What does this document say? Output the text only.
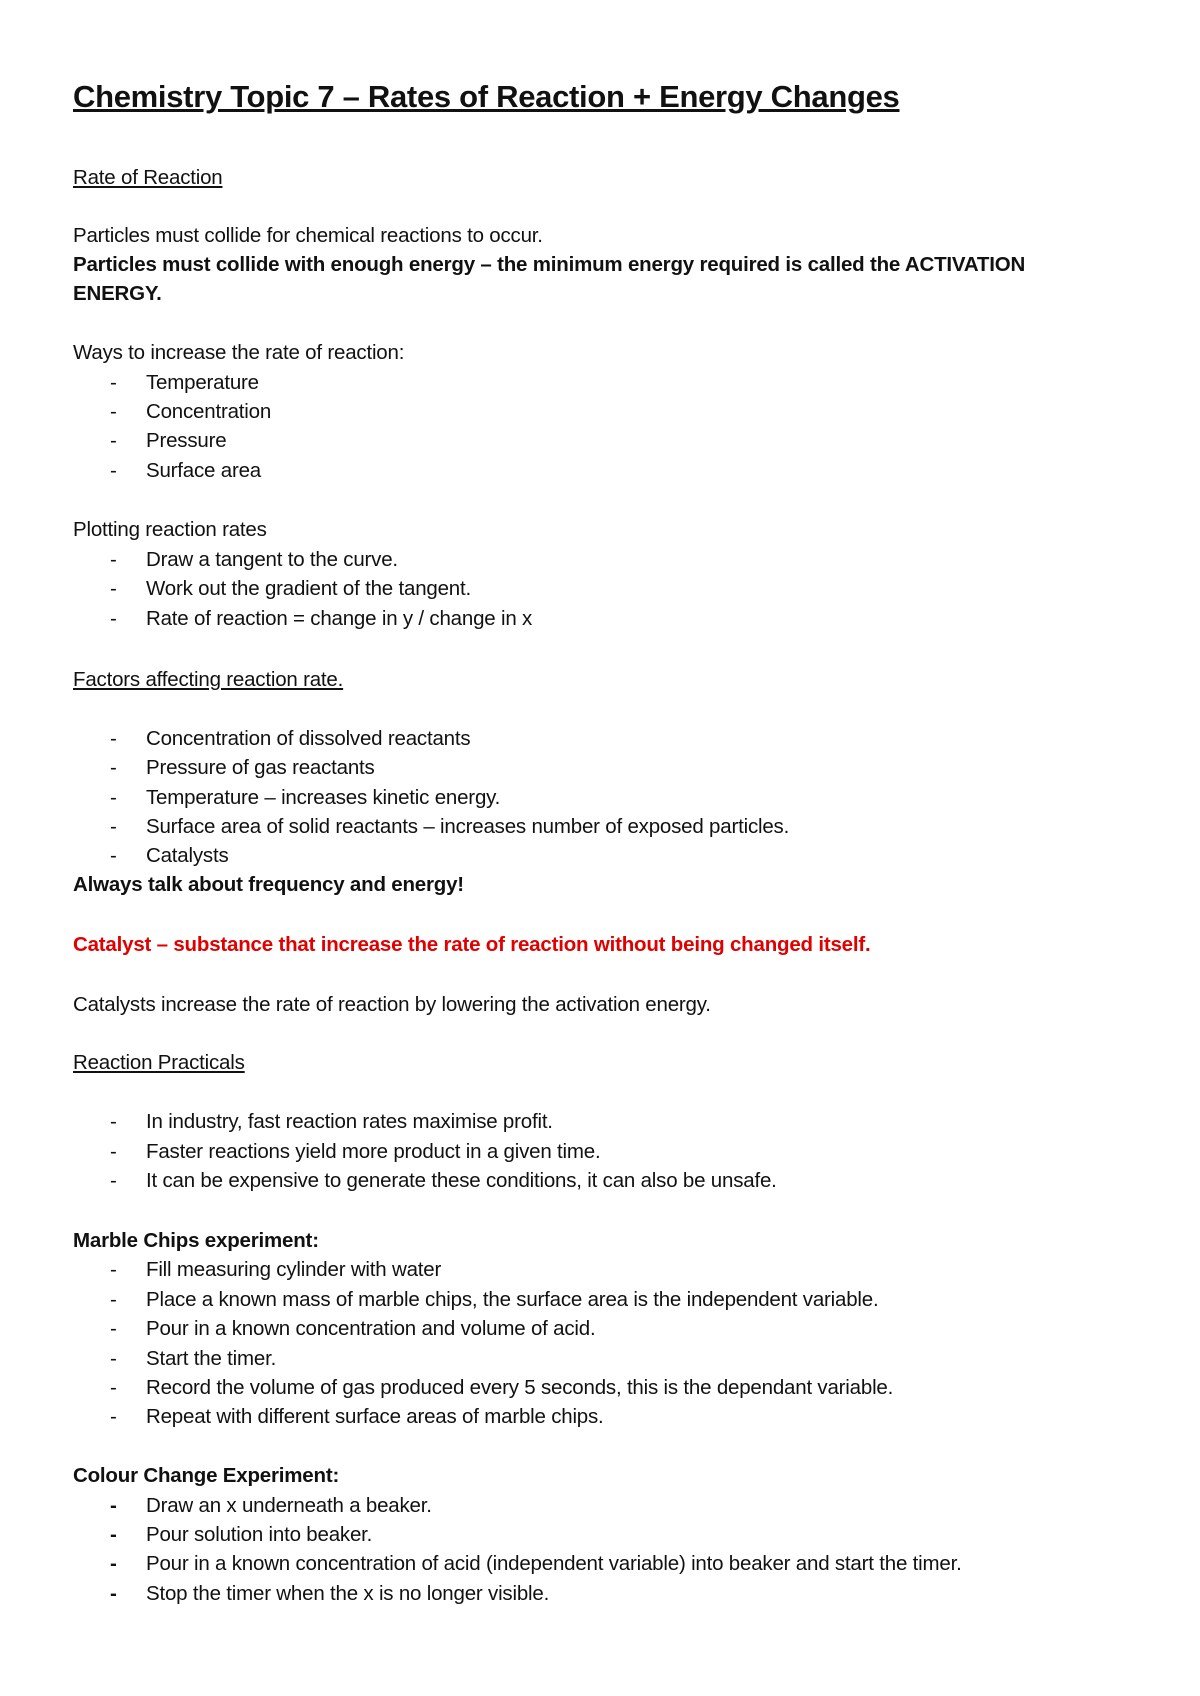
Chemistry Topic 7 – Rates of Reaction + Energy Changes
Rate of Reaction
Particles must collide for chemical reactions to occur.
Particles must collide with enough energy – the minimum energy required is called the ACTIVATION
ENERGY.
Ways to increase the rate of reaction:
- Temperature
- Concentration
- Pressure
- Surface area
Plotting reaction rates
- Draw a tangent to the curve.
- Work out the gradient of the tangent.
- Rate of reaction = change in y / change in x
Factors affecting reaction rate.
- Concentration of dissolved reactants
- Pressure of gas reactants
- Temperature – increases kinetic energy.
- Surface area of solid reactants – increases number of exposed particles.
- Catalysts
Always talk about frequency and energy!
Catalyst – substance that increase the rate of reaction without being changed itself.
Catalysts increase the rate of reaction by lowering the activation energy.
Reaction Practicals
- In industry, fast reaction rates maximise profit.
- Faster reactions yield more product in a given time.
- It can be expensive to generate these conditions, it can also be unsafe.
Marble Chips experiment:
- Fill measuring cylinder with water
- Place a known mass of marble chips, the surface area is the independent variable.
- Pour in a known concentration and volume of acid.
- Start the timer.
- Record the volume of gas produced every 5 seconds, this is the dependant variable.
- Repeat with different surface areas of marble chips.
Colour Change Experiment:
- Draw an x underneath a beaker.
- Pour solution into beaker.
- Pour in a known concentration of acid (independent variable) into beaker and start the timer.
- Stop the timer when the x is no longer visible.
